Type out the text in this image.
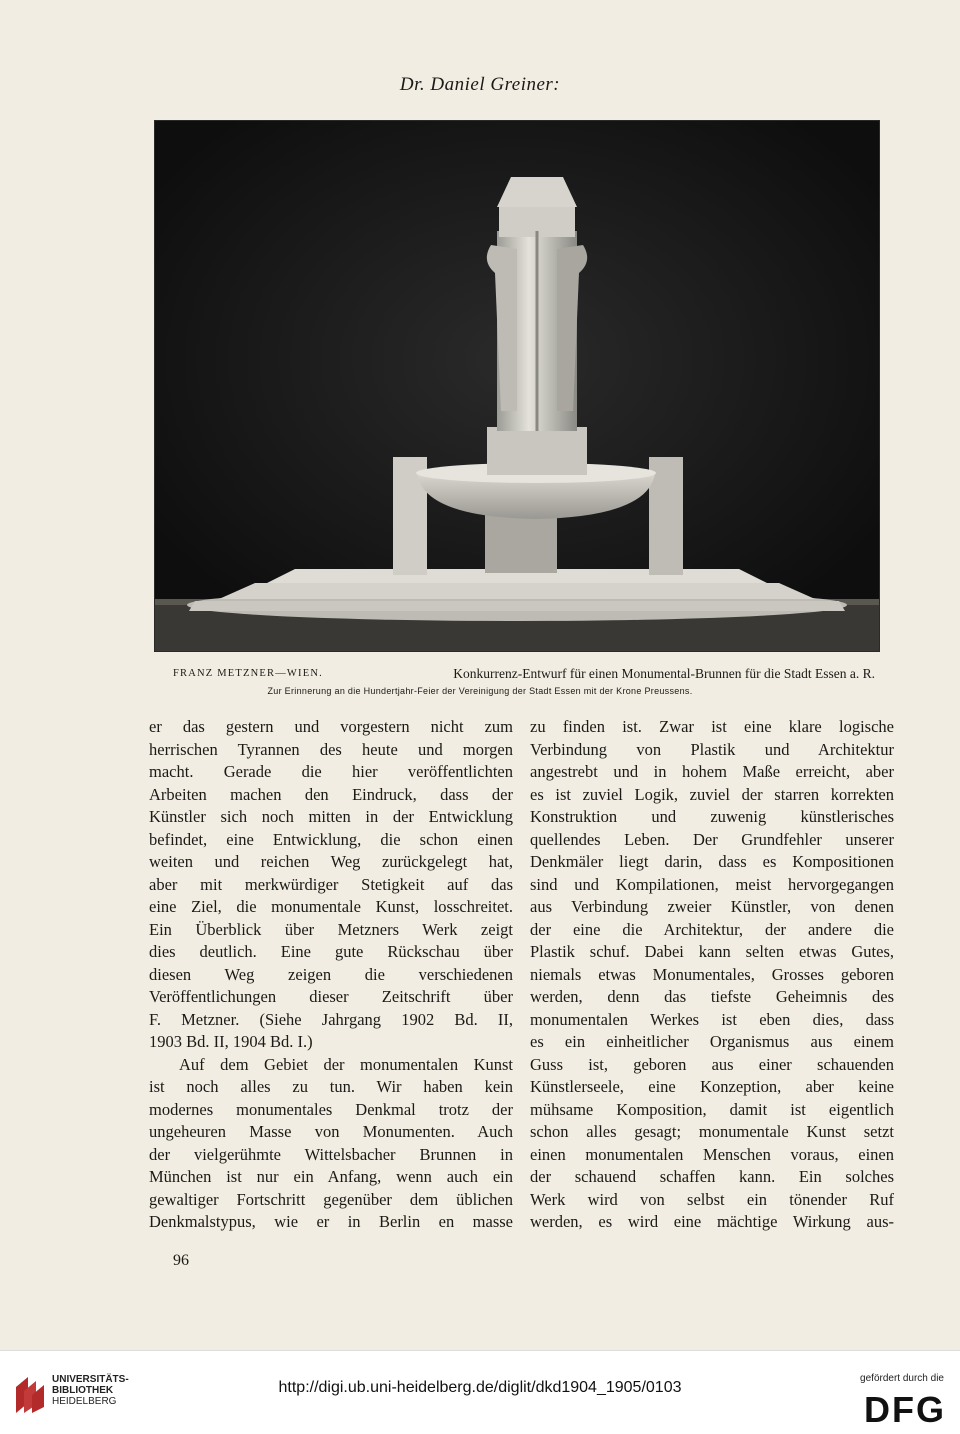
Dr. Daniel Greiner:
FRANZ METZNER—WIEN.	Konkurrenz-Entwurf für einen Monumental-Brunnen für die Stadt Essen a. R.
Zur Erinnerung an die Hundertjahr-Feier der Vereinigung der Stadt Essen mit der Krone Preussens.
er das gestern und vorgestern nicht zum
herrischen Tyrannen des heute und morgen
macht. Gerade die hier veröffentlichten
Arbeiten machen den Eindruck, dass der
Künstler sich noch mitten in der Entwicklung
befindet, eine Entwicklung, die schon einen
weiten und reichen Weg zurückgelegt hat,
aber mit merkwürdiger Stetigkeit auf das
eine Ziel, die monumentale Kunst, losschreitet.
Ein Überblick über Metzners Werk zeigt
dies deutlich. Eine gute Rückschau über
diesen Weg zeigen die verschiedenen
Veröffentlichungen dieser Zeitschrift über
F. Metzner. (Siehe Jahrgang 1902 Bd. II,
1903 Bd. II, 1904 Bd. I.)
Auf dem Gebiet der monumentalen Kunst
ist noch alles zu tun. Wir haben kein
modernes monumentales Denkmal trotz der
ungeheuren Masse von Monumenten. Auch
der vielgerühmte Wittelsbacher Brunnen in
München ist nur ein Anfang, wenn auch ein
gewaltiger Fortschritt gegenüber dem üblichen
Denkmalstypus, wie er in Berlin en masse
zu finden ist. Zwar ist eine klare logische
Verbindung von Plastik und Architektur
angestrebt und in hohem Maße erreicht, aber
es ist zuviel Logik, zuviel der starren korrekten
Konstruktion und zuwenig künstlerisches
quellendes Leben. Der Grundfehler unserer
Denkmäler liegt darin, dass es Kompositionen
sind und Kompilationen, meist hervorgegangen
aus Verbindung zweier Künstler, von denen
der eine die Architektur, der andere die
Plastik schuf. Dabei kann selten etwas Gutes,
niemals etwas Monumentales, Grosses geboren
werden, denn das tiefste Geheimnis des
monumentalen Werkes ist eben dies, dass
es ein einheitlicher Organismus aus einem
Guss ist, geboren aus einer schauenden
Künstlerseele, eine Konzeption, aber keine
mühsame Komposition, damit ist eigentlich
schon alles gesagt; monumentale Kunst setzt
einen monumentalen Menschen voraus, einen
der schauend schaffen kann. Ein solches
Werk wird von selbst ein tönender Ruf
werden, es wird eine mächtige Wirkung aus-
96
UNIVERSITÄTS-
BIBLIOTHEK
HEIDELBERG
http://digi.ub.uni-heidelberg.de/diglit/dkd1904_1905/0103
gefördert durch die
DFG
